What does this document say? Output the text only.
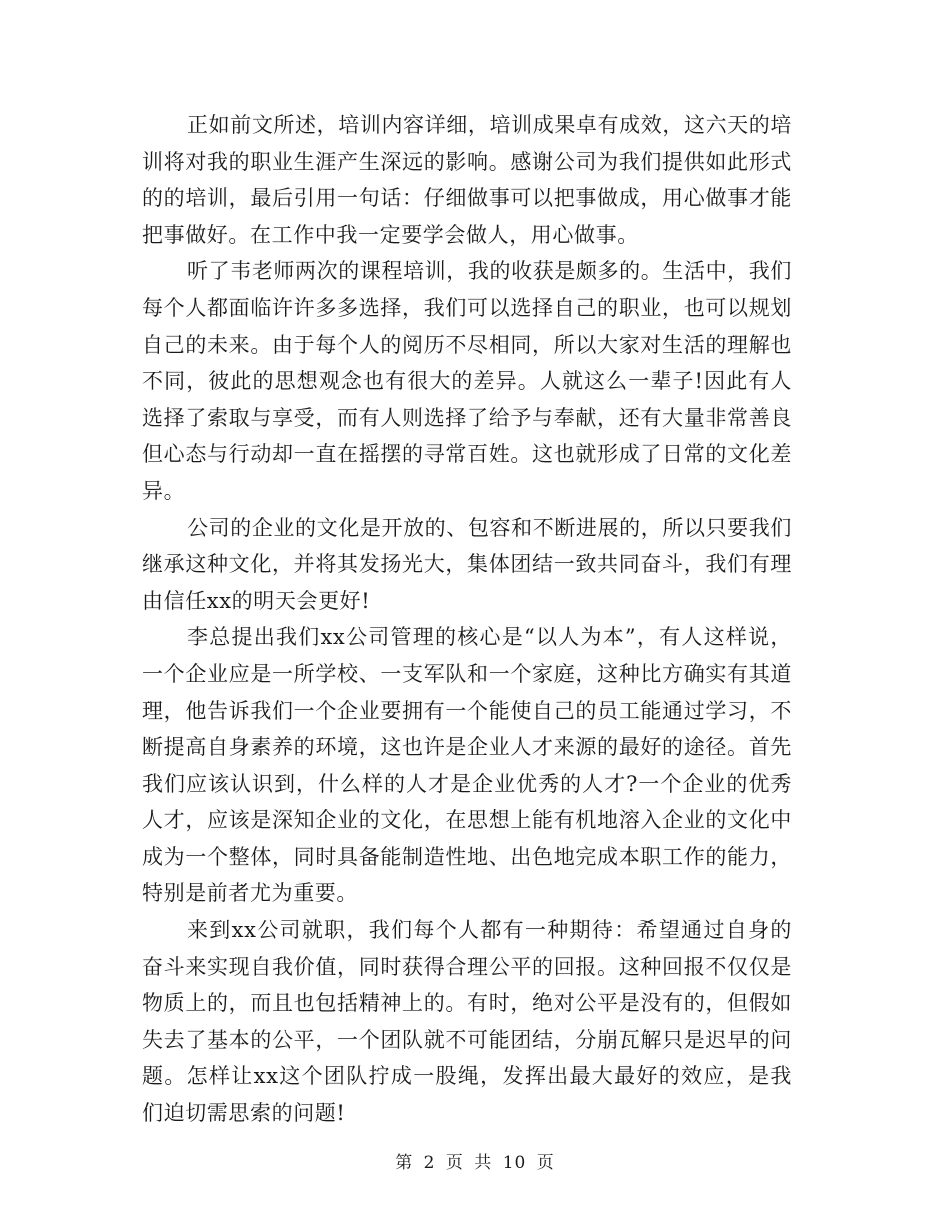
正如前文所述，培训内容详细，培训成果卓有成效，这六天的培训将对我的职业生涯产生深远的影响。感谢公司为我们提供如此形式的的培训，最后引用一句话：仔细做事可以把事做成，用心做事才能把事做好。在工作中我一定要学会做人，用心做事。

听了韦老师两次的课程培训，我的收获是颇多的。生活中，我们每个人都面临许许多多选择，我们可以选择自己的职业，也可以规划自己的未来。由于每个人的阅历不尽相同，所以大家对生活的理解也不同，彼此的思想观念也有很大的差异。人就这么一辈子!因此有人选择了索取与享受，而有人则选择了给予与奉献，还有大量非常善良但心态与行动却一直在摇摆的寻常百姓。这也就形成了日常的文化差异。

公司的企业的文化是开放的、包容和不断进展的，所以只要我们继承这种文化，并将其发扬光大，集体团结一致共同奋斗，我们有理由信任xx的明天会更好!

李总提出我们xx公司管理的核心是“以人为本”，有人这样说，一个企业应是一所学校、一支军队和一个家庭，这种比方确实有其道理，他告诉我们一个企业要拥有一个能使自己的员工能通过学习，不断提高自身素养的环境，这也许是企业人才来源的最好的途径。首先我们应该认识到，什么样的人才是企业优秀的人才?一个企业的优秀人才，应该是深知企业的文化，在思想上能有机地溶入企业的文化中成为一个整体，同时具备能制造性地、出色地完成本职工作的能力，特别是前者尤为重要。

来到xx公司就职，我们每个人都有一种期待：希望通过自身的奋斗来实现自我价值，同时获得合理公平的回报。这种回报不仅仅是物质上的，而且也包括精神上的。有时，绝对公平是没有的，但假如失去了基本的公平，一个团队就不可能团结，分崩瓦解只是迟早的问题。怎样让xx这个团队拧成一股绳，发挥出最大最好的效应，是我们迫切需思索的问题!

第 2 页 共 10 页
